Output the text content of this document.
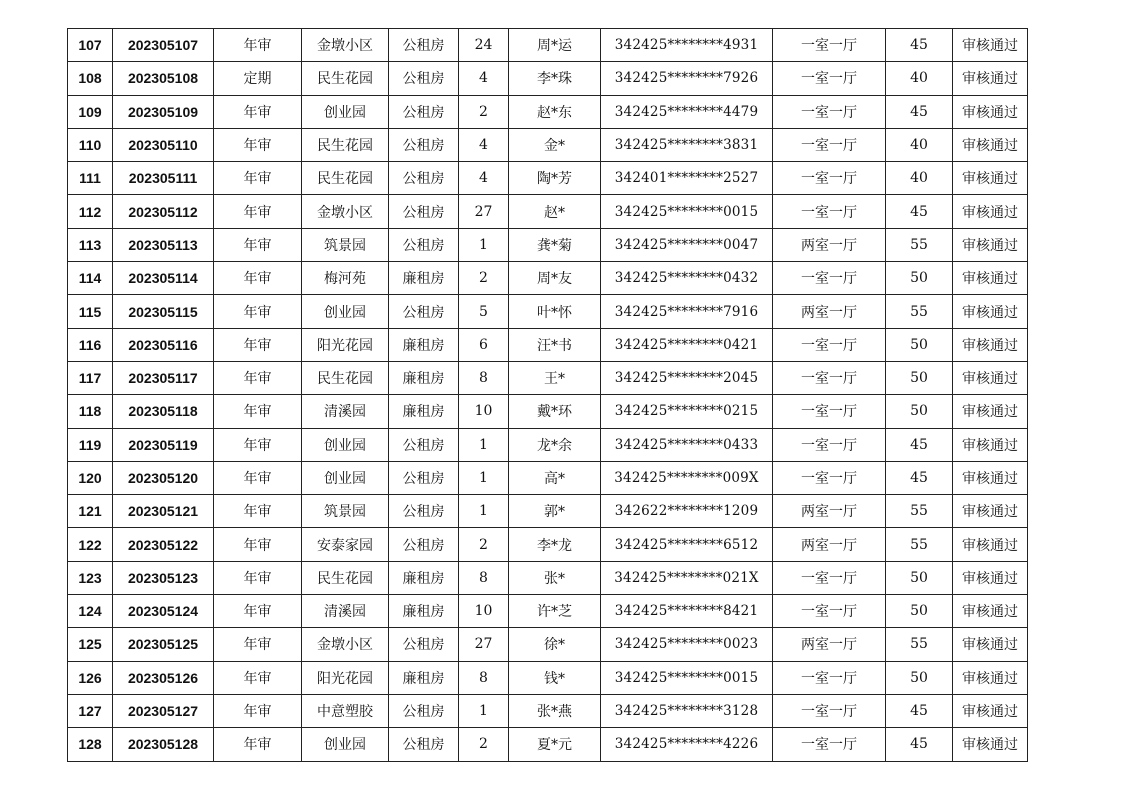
107	202305107	年审	金墩小区	公租房	24	周*运	342425********4931	一室一厅	45	审核通过
108	202305108	定期	民生花园	公租房	4	李*珠	342425********7926	一室一厅	40	审核通过
109	202305109	年审	创业园	公租房	2	赵*东	342425********4479	一室一厅	45	审核通过
110	202305110	年审	民生花园	公租房	4	金*	342425********3831	一室一厅	40	审核通过
111	202305111	年审	民生花园	公租房	4	陶*芳	342401********2527	一室一厅	40	审核通过
112	202305112	年审	金墩小区	公租房	27	赵*	342425********0015	一室一厅	45	审核通过
113	202305113	年审	筑景园	公租房	1	龚*菊	342425********0047	两室一厅	55	审核通过
114	202305114	年审	梅河苑	廉租房	2	周*友	342425********0432	一室一厅	50	审核通过
115	202305115	年审	创业园	公租房	5	叶*怀	342425********7916	两室一厅	55	审核通过
116	202305116	年审	阳光花园	廉租房	6	汪*书	342425********0421	一室一厅	50	审核通过
117	202305117	年审	民生花园	廉租房	8	王*	342425********2045	一室一厅	50	审核通过
118	202305118	年审	清溪园	廉租房	10	戴*环	342425********0215	一室一厅	50	审核通过
119	202305119	年审	创业园	公租房	1	龙*余	342425********0433	一室一厅	45	审核通过
120	202305120	年审	创业园	公租房	1	高*	342425********009X	一室一厅	45	审核通过
121	202305121	年审	筑景园	公租房	1	郭*	342622********1209	两室一厅	55	审核通过
122	202305122	年审	安泰家园	公租房	2	李*龙	342425********6512	两室一厅	55	审核通过
123	202305123	年审	民生花园	廉租房	8	张*	342425********021X	一室一厅	50	审核通过
124	202305124	年审	清溪园	廉租房	10	许*芝	342425********8421	一室一厅	50	审核通过
125	202305125	年审	金墩小区	公租房	27	徐*	342425********0023	两室一厅	55	审核通过
126	202305126	年审	阳光花园	廉租房	8	钱*	342425********0015	一室一厅	50	审核通过
127	202305127	年审	中意塑胶	公租房	1	张*燕	342425********3128	一室一厅	45	审核通过
128	202305128	年审	创业园	公租房	2	夏*元	342425********4226	一室一厅	45	审核通过
